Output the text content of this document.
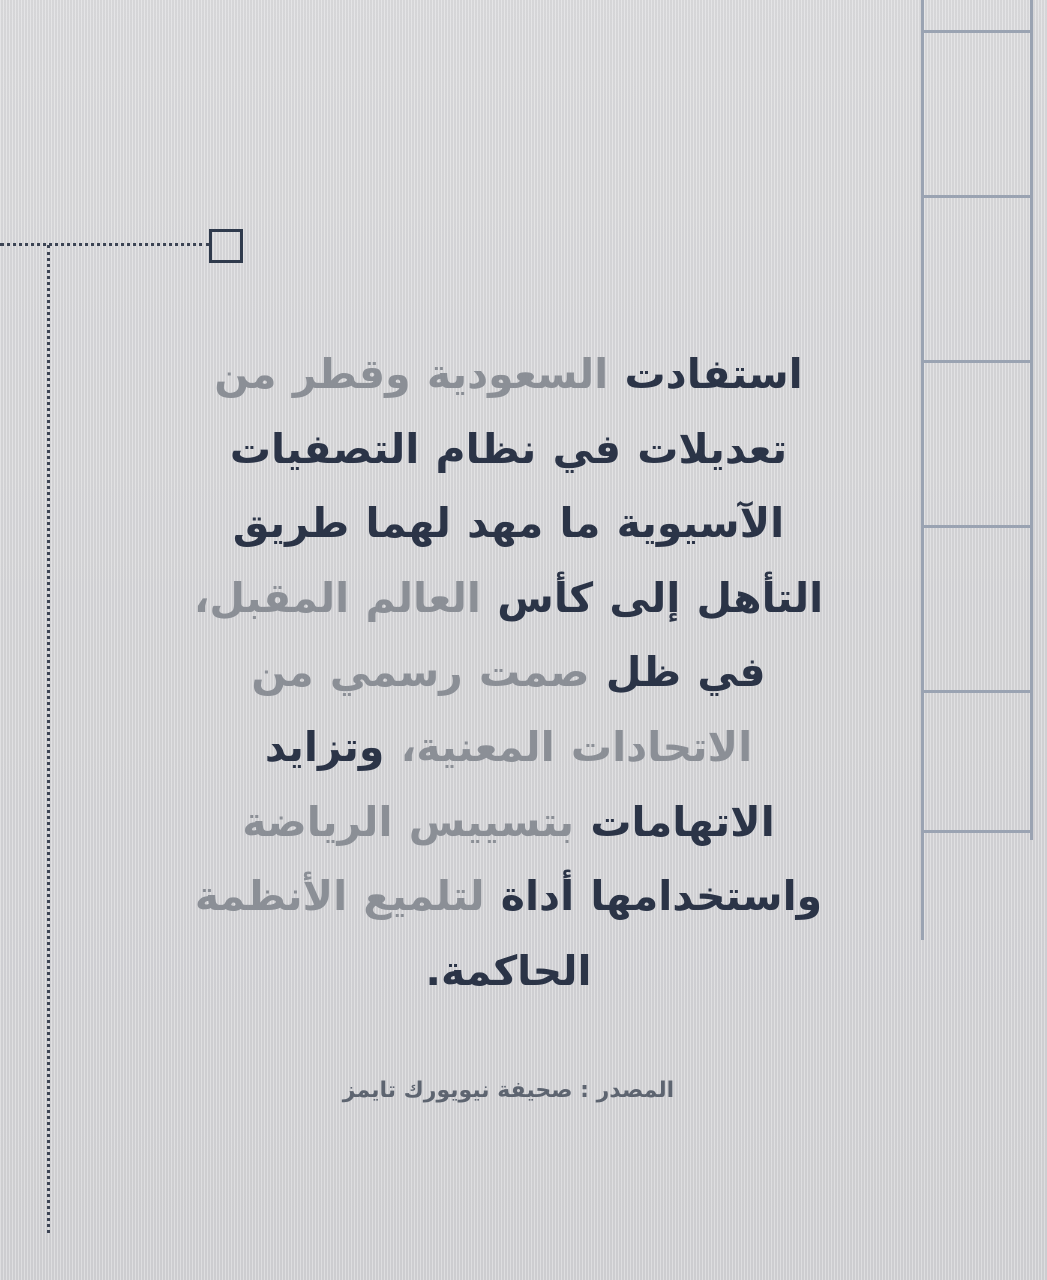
استفادت السعودية وقطر من تعديلات في نظام التصفيات الآسيوية ما مهد لهما طريق التأهل إلى كأس العالم المقبل، في ظل صمت رسمي من الاتحادات المعنية، وتزايد الاتهامات بتسييس الرياضة واستخدامها أداة لتلميع الأنظمة الحاكمة.

المصدر : صحيفة نيويورك تايمز
